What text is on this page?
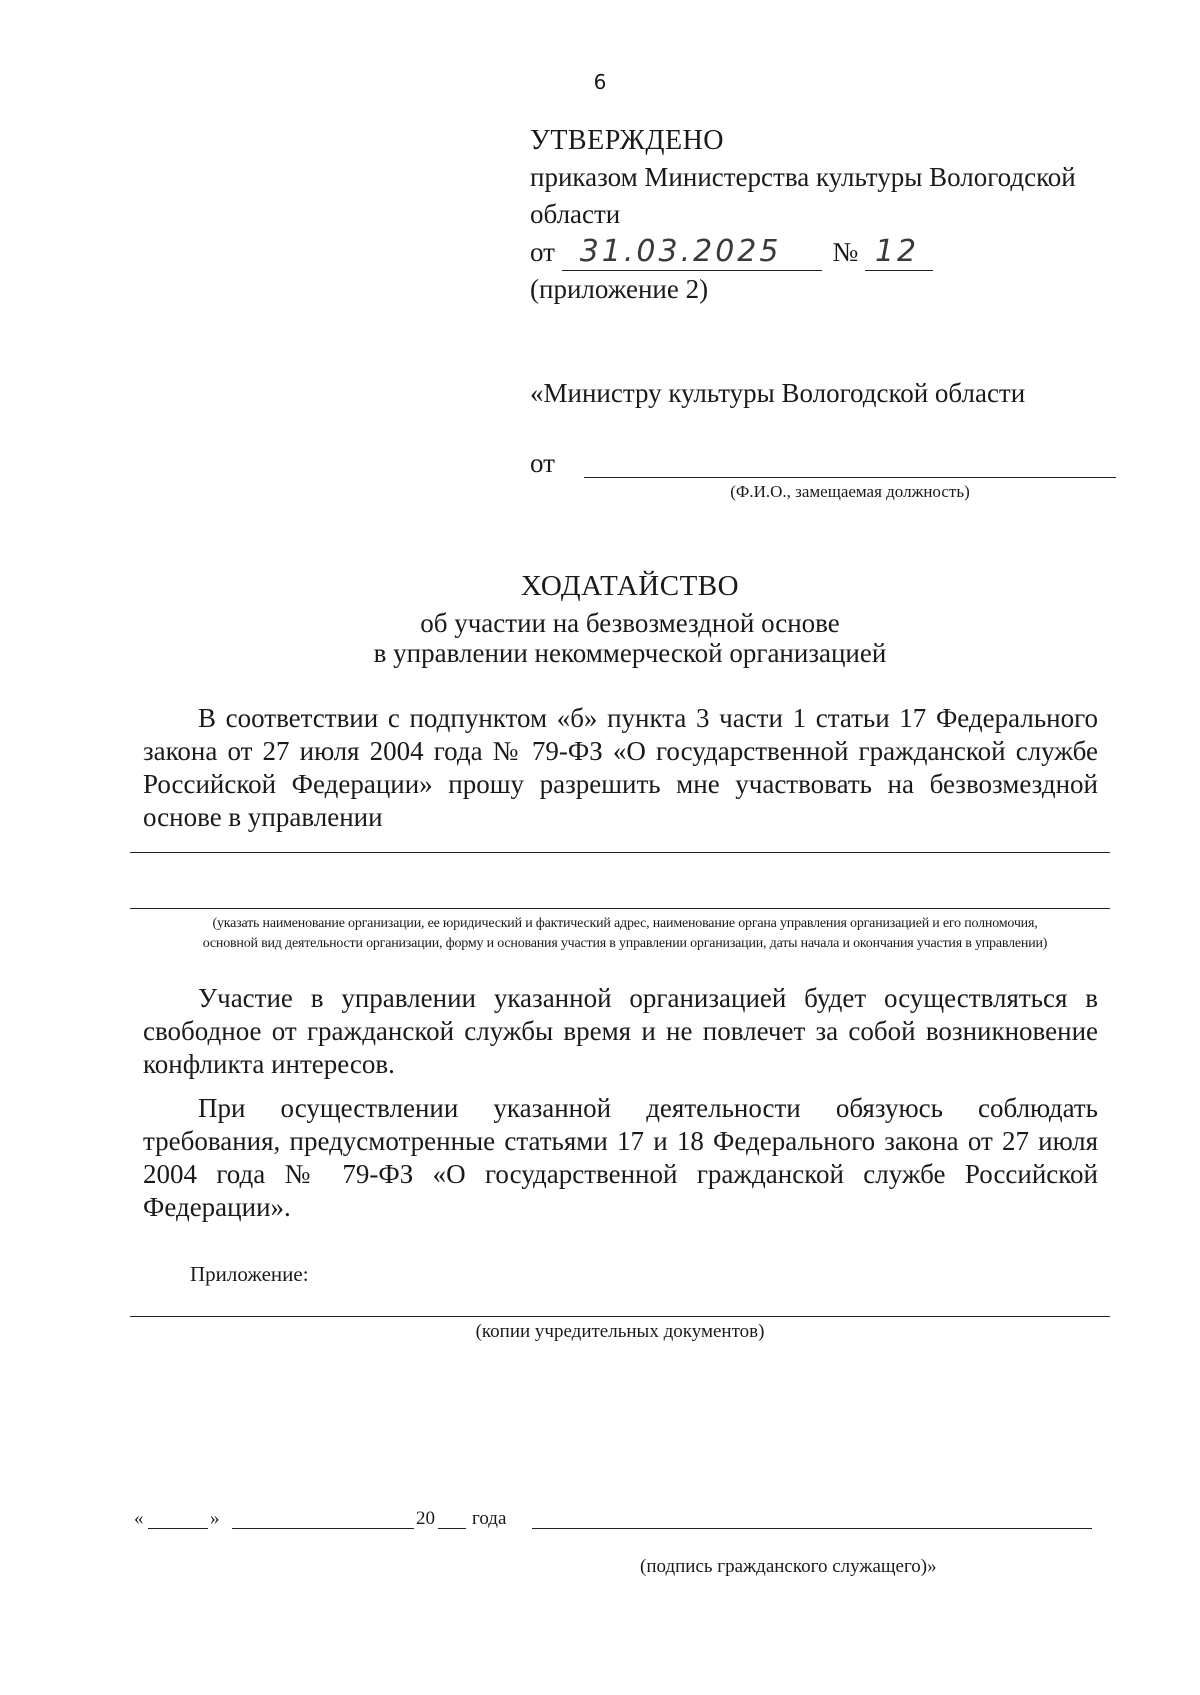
6
УТВЕРЖДЕНО
приказом Министерства культуры Вологодской
области
от 31.03.2025 № 12
(приложение 2)
«Министру культуры Вологодской области
от
(Ф.И.О., замещаемая должность)
ХОДАТАЙСТВО
об участии на безвозмездной основе
в управлении некоммерческой организацией
В соответствии с подпунктом «б» пункта 3 части 1 статьи 17 Федерального закона от 27 июля 2004 года № 79-ФЗ «О государственной гражданской службе Российской Федерации» прошу разрешить мне участвовать на безвозмездной основе в управлении
(указать наименование организации, ее юридический и фактический адрес, наименование органа управления организацией и его полномочия,
основной вид деятельности организации, форму и основания участия в управлении организации, даты начала и окончания участия в управлении)
Участие в управлении указанной организацией будет осуществляться в свободное от гражданской службы время и не повлечет за собой возникновение конфликта интересов.
При осуществлении указанной деятельности обязуюсь соблюдать требования, предусмотренные статьями 17 и 18 Федерального закона от 27 июля 2004 года № 79-ФЗ «О государственной гражданской службе Российской Федерации».
Приложение:
(копии учредительных документов)
«	»	20 года
(подпись гражданского служащего)»
